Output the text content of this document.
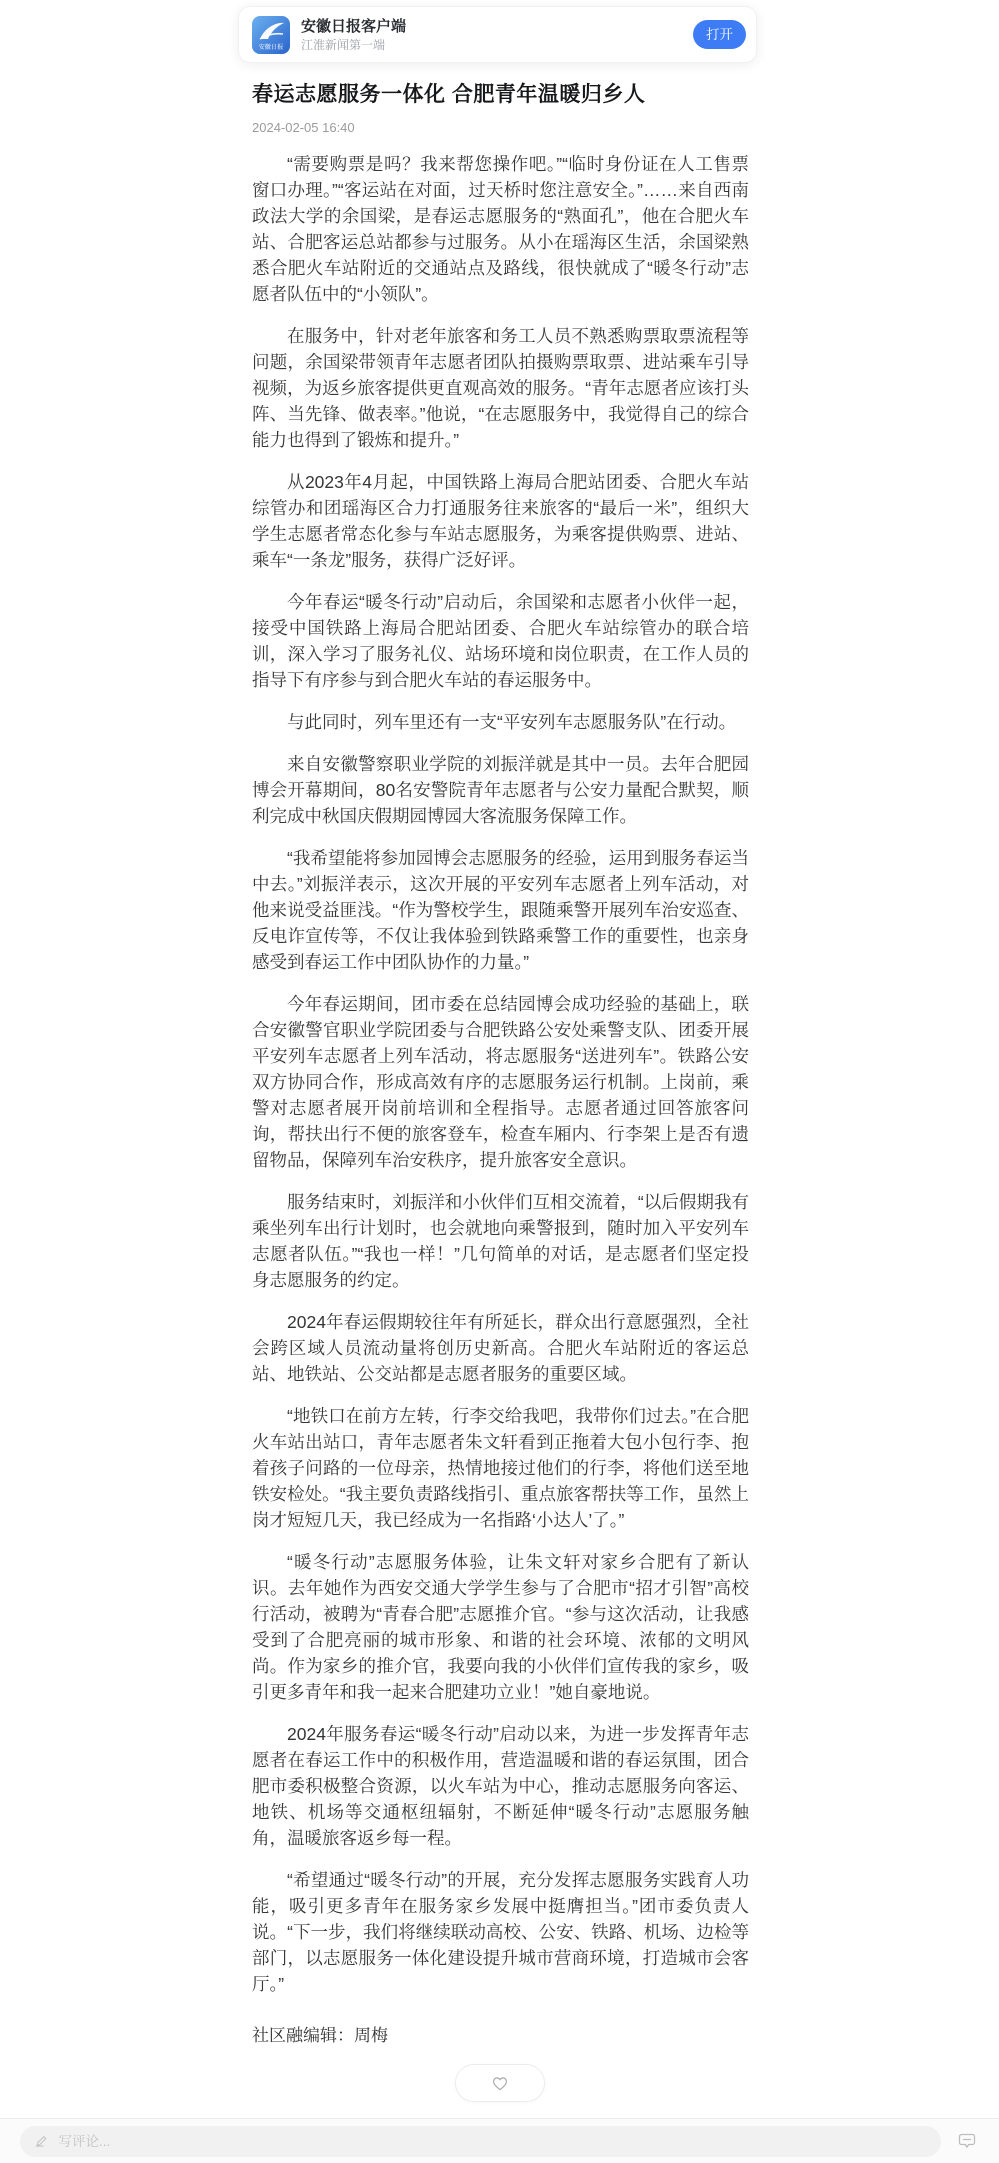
安徽日报
安徽日报客户端
江淮新闻第一端
打开
春运志愿服务一体化 合肥青年温暖归乡人
2024-02-05 16:40

“需要购票是吗？我来帮您操作吧。”“临时身份证在人工售票窗口办理。”“客运站在对面，过天桥时您注意安全。”……来自西南政法大学的余国梁，是春运志愿服务的“熟面孔”，他在合肥火车站、合肥客运总站都参与过服务。从小在瑶海区生活，余国梁熟悉合肥火车站附近的交通站点及路线，很快就成了“暖冬行动”志愿者队伍中的“小领队”。

在服务中，针对老年旅客和务工人员不熟悉购票取票流程等问题，余国梁带领青年志愿者团队拍摄购票取票、进站乘车引导视频，为返乡旅客提供更直观高效的服务。“青年志愿者应该打头阵、当先锋、做表率。”他说，“在志愿服务中，我觉得自己的综合能力也得到了锻炼和提升。”

从2023年4月起，中国铁路上海局合肥站团委、合肥火车站综管办和团瑶海区合力打通服务往来旅客的“最后一米”，组织大学生志愿者常态化参与车站志愿服务，为乘客提供购票、进站、乘车“一条龙”服务，获得广泛好评。

今年春运“暖冬行动”启动后，余国梁和志愿者小伙伴一起，接受中国铁路上海局合肥站团委、合肥火车站综管办的联合培训，深入学习了服务礼仪、站场环境和岗位职责，在工作人员的指导下有序参与到合肥火车站的春运服务中。

与此同时，列车里还有一支“平安列车志愿服务队”在行动。

来自安徽警察职业学院的刘振洋就是其中一员。去年合肥园博会开幕期间，80名安警院青年志愿者与公安力量配合默契，顺利完成中秋国庆假期园博园大客流服务保障工作。

“我希望能将参加园博会志愿服务的经验，运用到服务春运当中去。”刘振洋表示，这次开展的平安列车志愿者上列车活动，对他来说受益匪浅。“作为警校学生，跟随乘警开展列车治安巡查、反电诈宣传等，不仅让我体验到铁路乘警工作的重要性，也亲身感受到春运工作中团队协作的力量。”

今年春运期间，团市委在总结园博会成功经验的基础上，联合安徽警官职业学院团委与合肥铁路公安处乘警支队、团委开展平安列车志愿者上列车活动，将志愿服务“送进列车”。铁路公安双方协同合作，形成高效有序的志愿服务运行机制。上岗前，乘警对志愿者展开岗前培训和全程指导。志愿者通过回答旅客问询，帮扶出行不便的旅客登车，检查车厢内、行李架上是否有遗留物品，保障列车治安秩序，提升旅客安全意识。

服务结束时，刘振洋和小伙伴们互相交流着，“以后假期我有乘坐列车出行计划时，也会就地向乘警报到，随时加入平安列车志愿者队伍。”“我也一样！”几句简单的对话，是志愿者们坚定投身志愿服务的约定。

2024年春运假期较往年有所延长，群众出行意愿强烈，全社会跨区域人员流动量将创历史新高。合肥火车站附近的客运总站、地铁站、公交站都是志愿者服务的重要区域。

“地铁口在前方左转，行李交给我吧，我带你们过去。”在合肥火车站出站口，青年志愿者朱文轩看到正拖着大包小包行李、抱着孩子问路的一位母亲，热情地接过他们的行李，将他们送至地铁安检处。“我主要负责路线指引、重点旅客帮扶等工作，虽然上岗才短短几天，我已经成为一名指路‘小达人’了。”

“暖冬行动”志愿服务体验，让朱文轩对家乡合肥有了新认识。去年她作为西安交通大学学生参与了合肥市“招才引智”高校行活动，被聘为“青春合肥”志愿推介官。“参与这次活动，让我感受到了合肥亮丽的城市形象、和谐的社会环境、浓郁的文明风尚。作为家乡的推介官，我要向我的小伙伴们宣传我的家乡，吸引更多青年和我一起来合肥建功立业！”她自豪地说。

2024年服务春运“暖冬行动”启动以来，为进一步发挥青年志愿者在春运工作中的积极作用，营造温暖和谐的春运氛围，团合肥市委积极整合资源，以火车站为中心，推动志愿服务向客运、地铁、机场等交通枢纽辐射，不断延伸“暖冬行动”志愿服务触角，温暖旅客返乡每一程。

“希望通过“暖冬行动”的开展，充分发挥志愿服务实践育人功能，吸引更多青年在服务家乡发展中挺膺担当。”团市委负责人说。“下一步，我们将继续联动高校、公安、铁路、机场、边检等部门，以志愿服务一体化建设提升城市营商环境，打造城市会客厅。”

社区融编辑：周梅
写评论...
